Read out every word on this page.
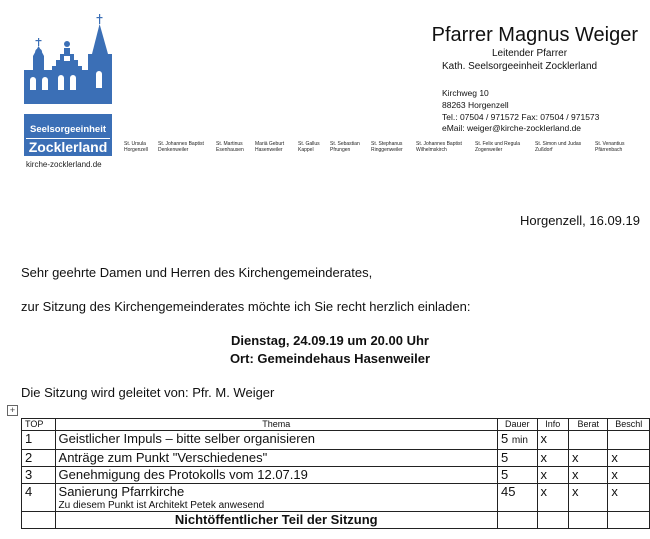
Seelsorgeeinheit
Zocklerland
kirche-zocklerland.de
Pfarrer Magnus Weiger
Leitender Pfarrer
Kath. Seelsorgeeinheit Zocklerland
Kirchweg 10
88263 Horgenzell
Tel.: 07504 / 971572 Fax: 07504 / 971573
eMail: weiger@kirche-zocklerland.de
St. Ursula
Horgenzell
St. Johannes Baptist
Denkenweiler
St. Martinus
Esenhausen
Mariä Geburt
Hasenweiler
St. Gallus
Kappel
St. Sebastian
Pfrungen
St. Stephanus
Ringgenweiler
St. Johannes Baptist
Wilhelmskirch
St. Felix und Regula
Zogenweiler
St. Simon und Judas
Zußdorf
St. Venantius
Pfärrenbach
Horgenzell, 16.09.19
Sehr geehrte Damen und Herren des Kirchengemeinderates,
zur Sitzung des Kirchengemeinderates möchte ich Sie recht herzlich einladen:
Dienstag, 24.09.19 um 20.00 Uhr
Ort: Gemeindehaus Hasenweiler
Die Sitzung wird geleitet von: Pfr. M. Weiger
+
TOP	Thema	Dauer	Info	Berat	Beschl
1	Geistlicher Impuls – bitte selber organisieren	5 min	x		
2	Anträge zum Punkt "Verschiedenes"	5	x	x	x
3	Genehmigung des Protokolls vom 12.07.19	5	x	x	x
4	Sanierung Pfarrkirche
Zu diesem Punkt ist Architekt Petek anwesend	45	x	x	x
	Nichtöffentlicher Teil der Sitzung				
